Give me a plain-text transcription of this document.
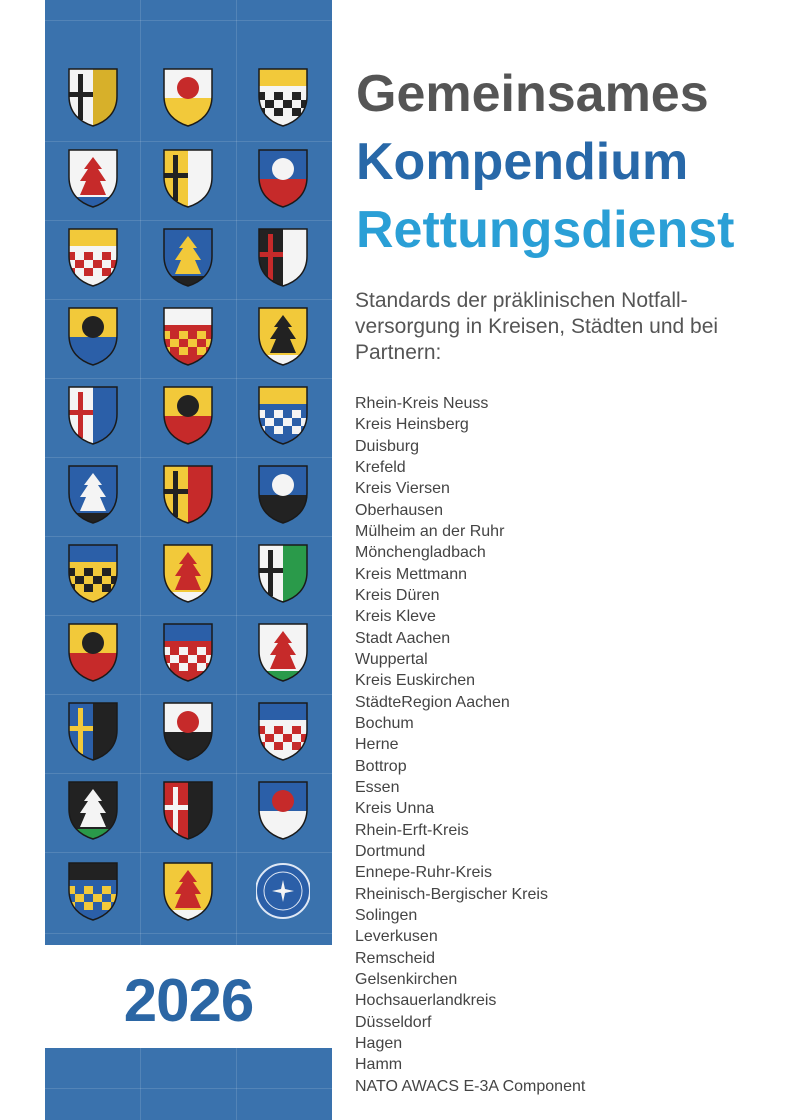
2026
Gemeinsames
Kompendium
Rettungsdienst
Standards der präklinischen Notfall-versorgung in Kreisen, Städten und bei Partnern:
Rhein-Kreis Neuss
Kreis Heinsberg
Duisburg
Krefeld
Kreis Viersen
Oberhausen
Mülheim an der Ruhr
Mönchengladbach
Kreis Mettmann
Kreis Düren
Kreis Kleve
Stadt Aachen
Wuppertal
Kreis Euskirchen
StädteRegion Aachen
Bochum
Herne
Bottrop
Essen
Kreis Unna
Rhein-Erft-Kreis
Dortmund
Ennepe-Ruhr-Kreis
Rheinisch-Bergischer Kreis
Solingen
Leverkusen
Remscheid
Gelsenkirchen
Hochsauerlandkreis
Düsseldorf
Hagen
Hamm
NATO AWACS E-3A Component
